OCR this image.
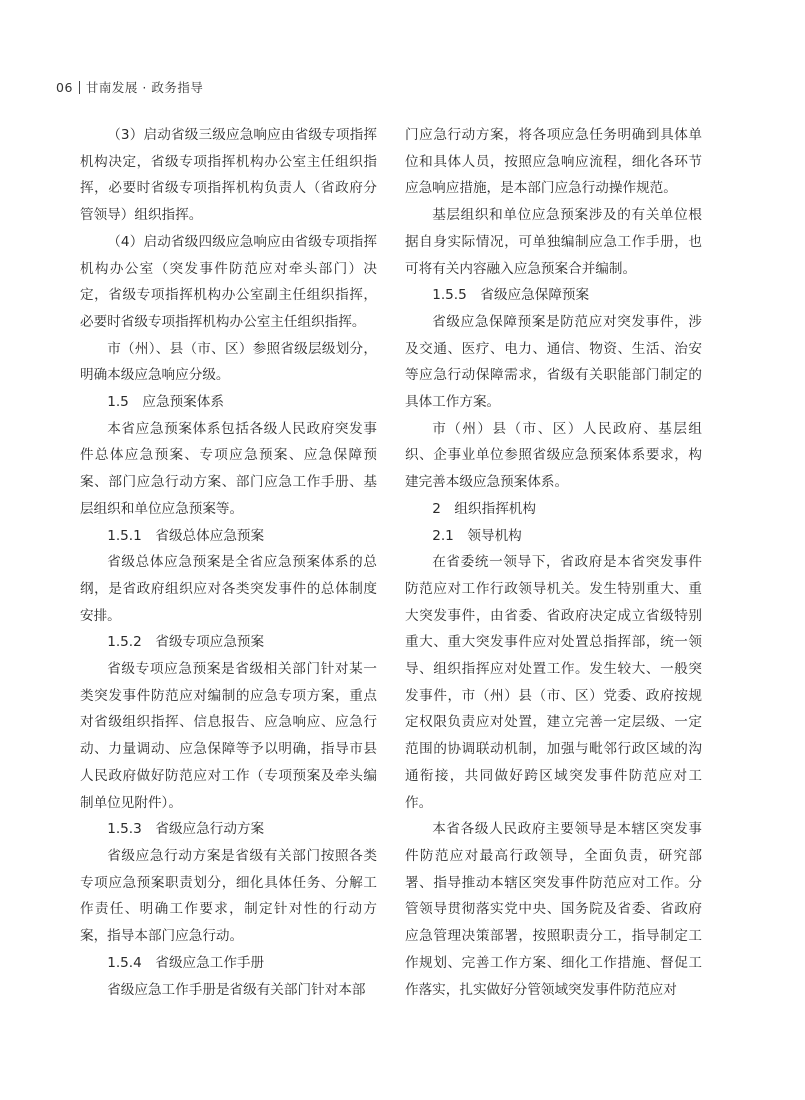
06 甘南发展 · 政务指导

（3）启动省级三级应急响应由省级专项指挥机构决定，省级专项指挥机构办公室主任组织指挥，必要时省级专项指挥机构负责人（省政府分管领导）组织指挥。

（4）启动省级四级应急响应由省级专项指挥机构办公室（突发事件防范应对牵头部门）决定，省级专项指挥机构办公室副主任组织指挥，必要时省级专项指挥机构办公室主任组织指挥。

市（州）、县（市、区）参照省级层级划分，明确本级应急响应分级。

1.5　应急预案体系

本省应急预案体系包括各级人民政府突发事件总体应急预案、专项应急预案、应急保障预案、部门应急行动方案、部门应急工作手册、基层组织和单位应急预案等。

1.5.1　省级总体应急预案

省级总体应急预案是全省应急预案体系的总纲，是省政府组织应对各类突发事件的总体制度安排。

1.5.2　省级专项应急预案

省级专项应急预案是省级相关部门针对某一类突发事件防范应对编制的应急专项方案，重点对省级组织指挥、信息报告、应急响应、应急行动、力量调动、应急保障等予以明确，指导市县人民政府做好防范应对工作（专项预案及牵头编制单位见附件）。

1.5.3　省级应急行动方案

省级应急行动方案是省级有关部门按照各类专项应急预案职责划分，细化具体任务、分解工作责任、明确工作要求，制定针对性的行动方案，指导本部门应急行动。

1.5.4　省级应急工作手册

省级应急工作手册是省级有关部门针对本部

门应急行动方案，将各项应急任务明确到具体单位和具体人员，按照应急响应流程，细化各环节应急响应措施，是本部门应急行动操作规范。

基层组织和单位应急预案涉及的有关单位根据自身实际情况，可单独编制应急工作手册，也可将有关内容融入应急预案合并编制。

1.5.5　省级应急保障预案

省级应急保障预案是防范应对突发事件，涉及交通、医疗、电力、通信、物资、生活、治安等应急行动保障需求，省级有关职能部门制定的具体工作方案。

市（州）县（市、区）人民政府、基层组织、企事业单位参照省级应急预案体系要求，构建完善本级应急预案体系。

2　组织指挥机构

2.1　领导机构

在省委统一领导下，省政府是本省突发事件防范应对工作行政领导机关。发生特别重大、重大突发事件，由省委、省政府决定成立省级特别重大、重大突发事件应对处置总指挥部，统一领导、组织指挥应对处置工作。发生较大、一般突发事件，市（州）县（市、区）党委、政府按规定权限负责应对处置，建立完善一定层级、一定范围的协调联动机制，加强与毗邻行政区域的沟通衔接，共同做好跨区域突发事件防范应对工作。

本省各级人民政府主要领导是本辖区突发事件防范应对最高行政领导，全面负责，研究部署、指导推动本辖区突发事件防范应对工作。分管领导贯彻落实党中央、国务院及省委、省政府应急管理决策部署，按照职责分工，指导制定工作规划、完善工作方案、细化工作措施、督促工作落实，扎实做好分管领域突发事件防范应对
